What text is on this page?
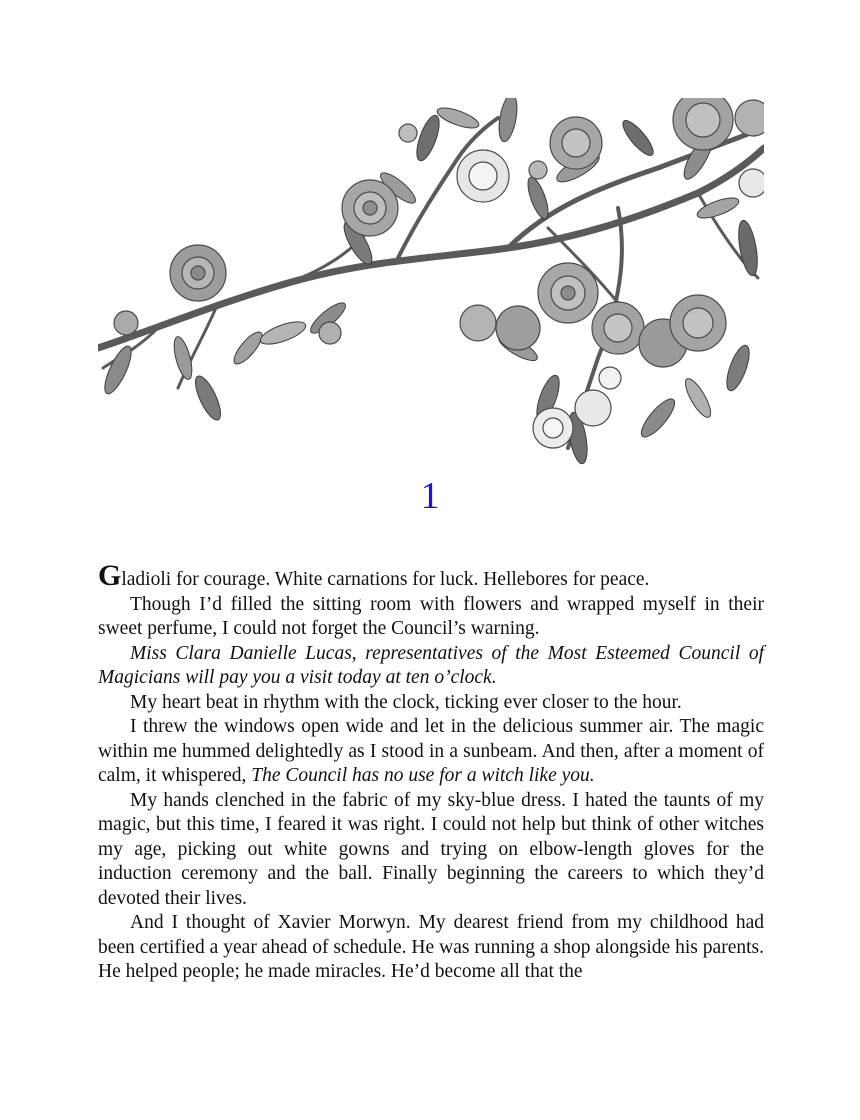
1

Gladioli for courage. White carnations for luck. Hellebores for peace.

Though I’d filled the sitting room with flowers and wrapped myself in their sweet perfume, I could not forget the Council’s warning.

Miss Clara Danielle Lucas, representatives of the Most Esteemed Council of Magicians will pay you a visit today at ten o’clock.

My heart beat in rhythm with the clock, ticking ever closer to the hour.

I threw the windows open wide and let in the delicious summer air. The magic within me hummed delightedly as I stood in a sunbeam. And then, after a moment of calm, it whispered, The Council has no use for a witch like you.

My hands clenched in the fabric of my sky-blue dress. I hated the taunts of my magic, but this time, I feared it was right. I could not help but think of other witches my age, picking out white gowns and trying on elbow-length gloves for the induction ceremony and the ball. Finally beginning the careers to which they’d devoted their lives.

And I thought of Xavier Morwyn. My dearest friend from my childhood had been certified a year ahead of schedule. He was running a shop alongside his parents. He helped people; he made miracles. He’d become all that the
